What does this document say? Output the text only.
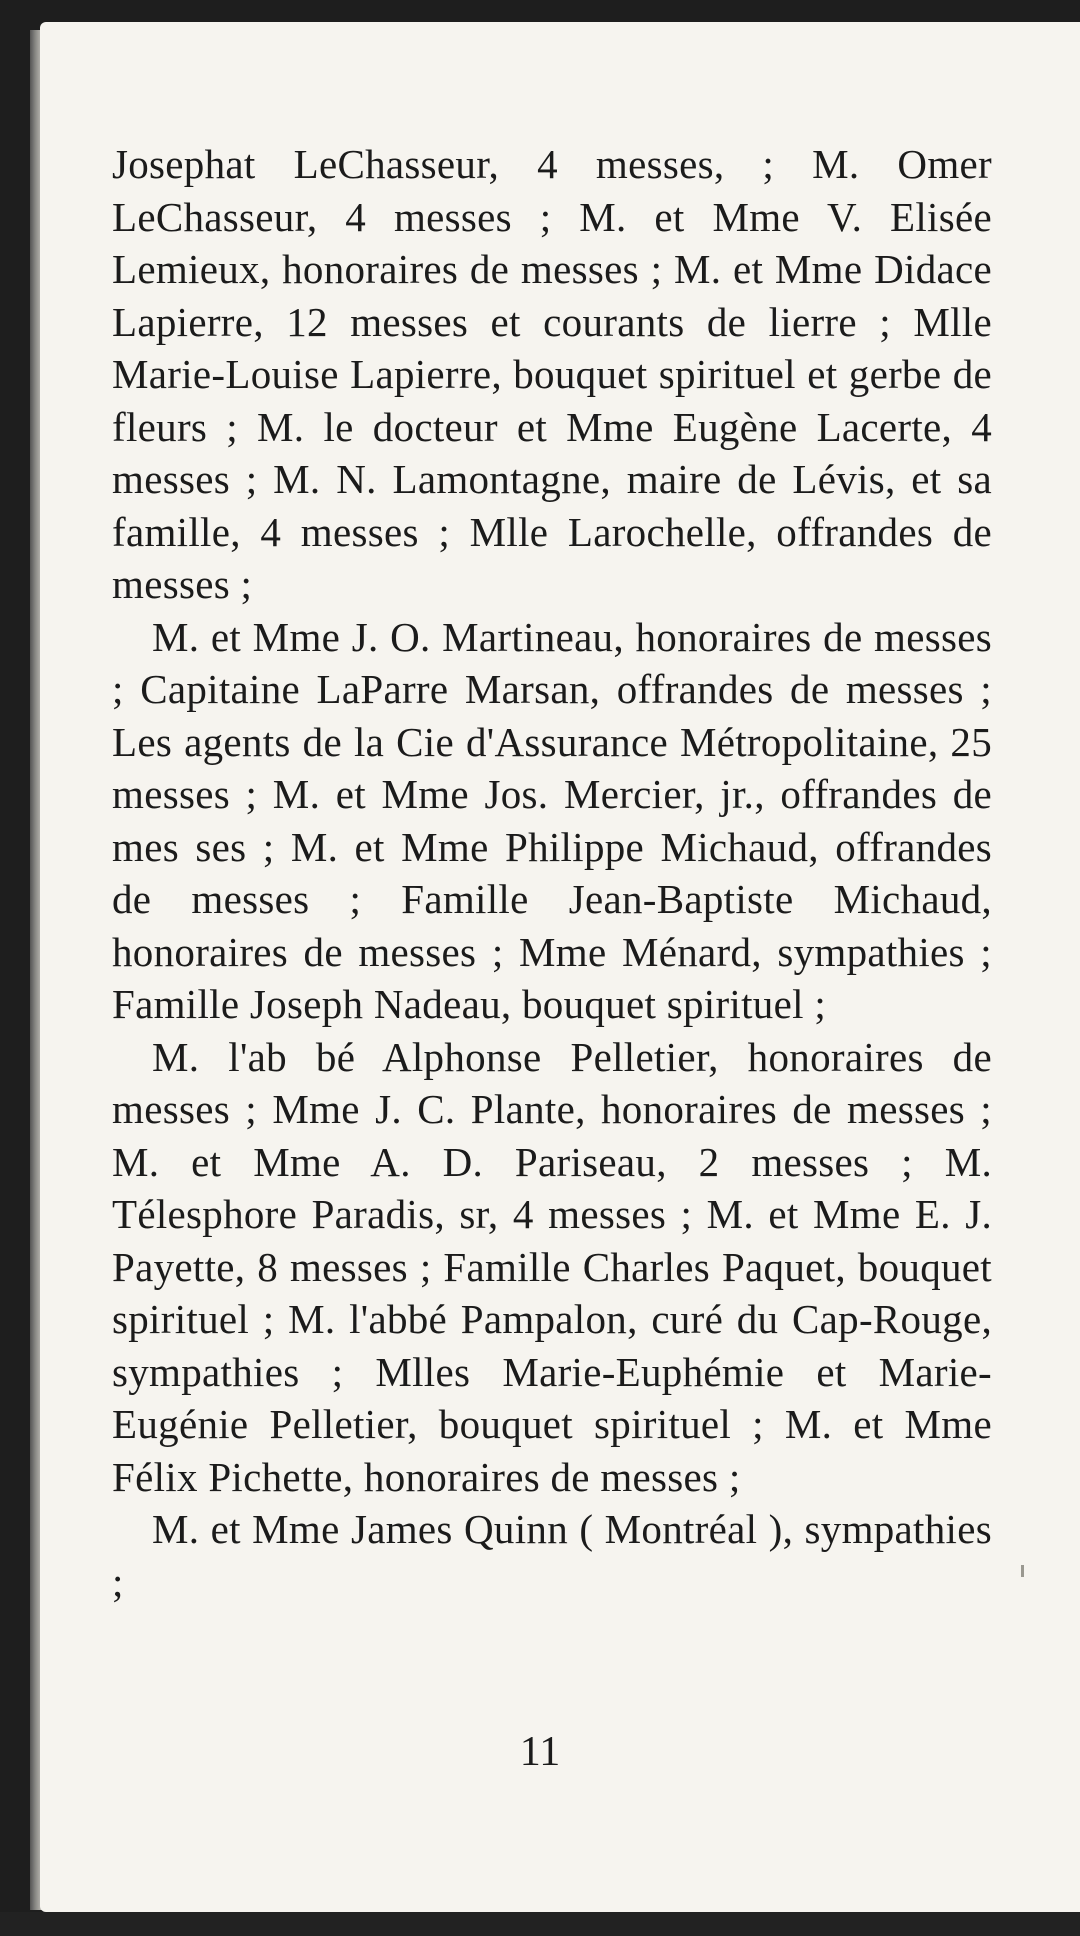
Josephat LeChasseur, 4 messes, ; M. Omer LeChasseur, 4 messes ; M. et Mme V. Elisée Lemieux, honoraires de messes ; M. et Mme Didace Lapierre, 12 messes et courants de lierre ; Mlle Marie-Louise Lapierre, bouquet spirituel et gerbe de fleurs ; M. le docteur et Mme Eugène Lacerte, 4 messes ; M. N. Lamontagne, maire de Lévis, et sa famille, 4 messes ; Mlle Larochelle, offrandes de messes ;

M. et Mme J. O. Martineau, honoraires de messes ; Capitaine LaParre Marsan, offrandes de messes ; Les agents de la Cie d'Assurance Métropolitaine, 25 messes ; M. et Mme Jos. Mercier, jr., offrandes de mes ses ; M. et Mme Philippe Michaud, offrandes de messes ; Famille Jean-Baptiste Michaud, honoraires de messes ; Mme Ménard, sympathies ; Famille Joseph Nadeau, bouquet spirituel ;

M. l'ab bé Alphonse Pelletier, honoraires de messes ; Mme J. C. Plante, honoraires de messes ; M. et Mme A. D. Pariseau, 2 messes ; M. Télesphore Paradis, sr, 4 messes ; M. et Mme E. J. Payette, 8 messes ; Famille Charles Paquet, bouquet spirituel ; M. l'abbé Pampalon, curé du Cap-Rouge, sympathies ; Mlles Marie-Euphémie et Marie-Eugénie Pelletier, bouquet spirituel ; M. et Mme Félix Pichette, honoraires de messes ;

M. et Mme James Quinn ( Montréal ), sympathies ;

11
